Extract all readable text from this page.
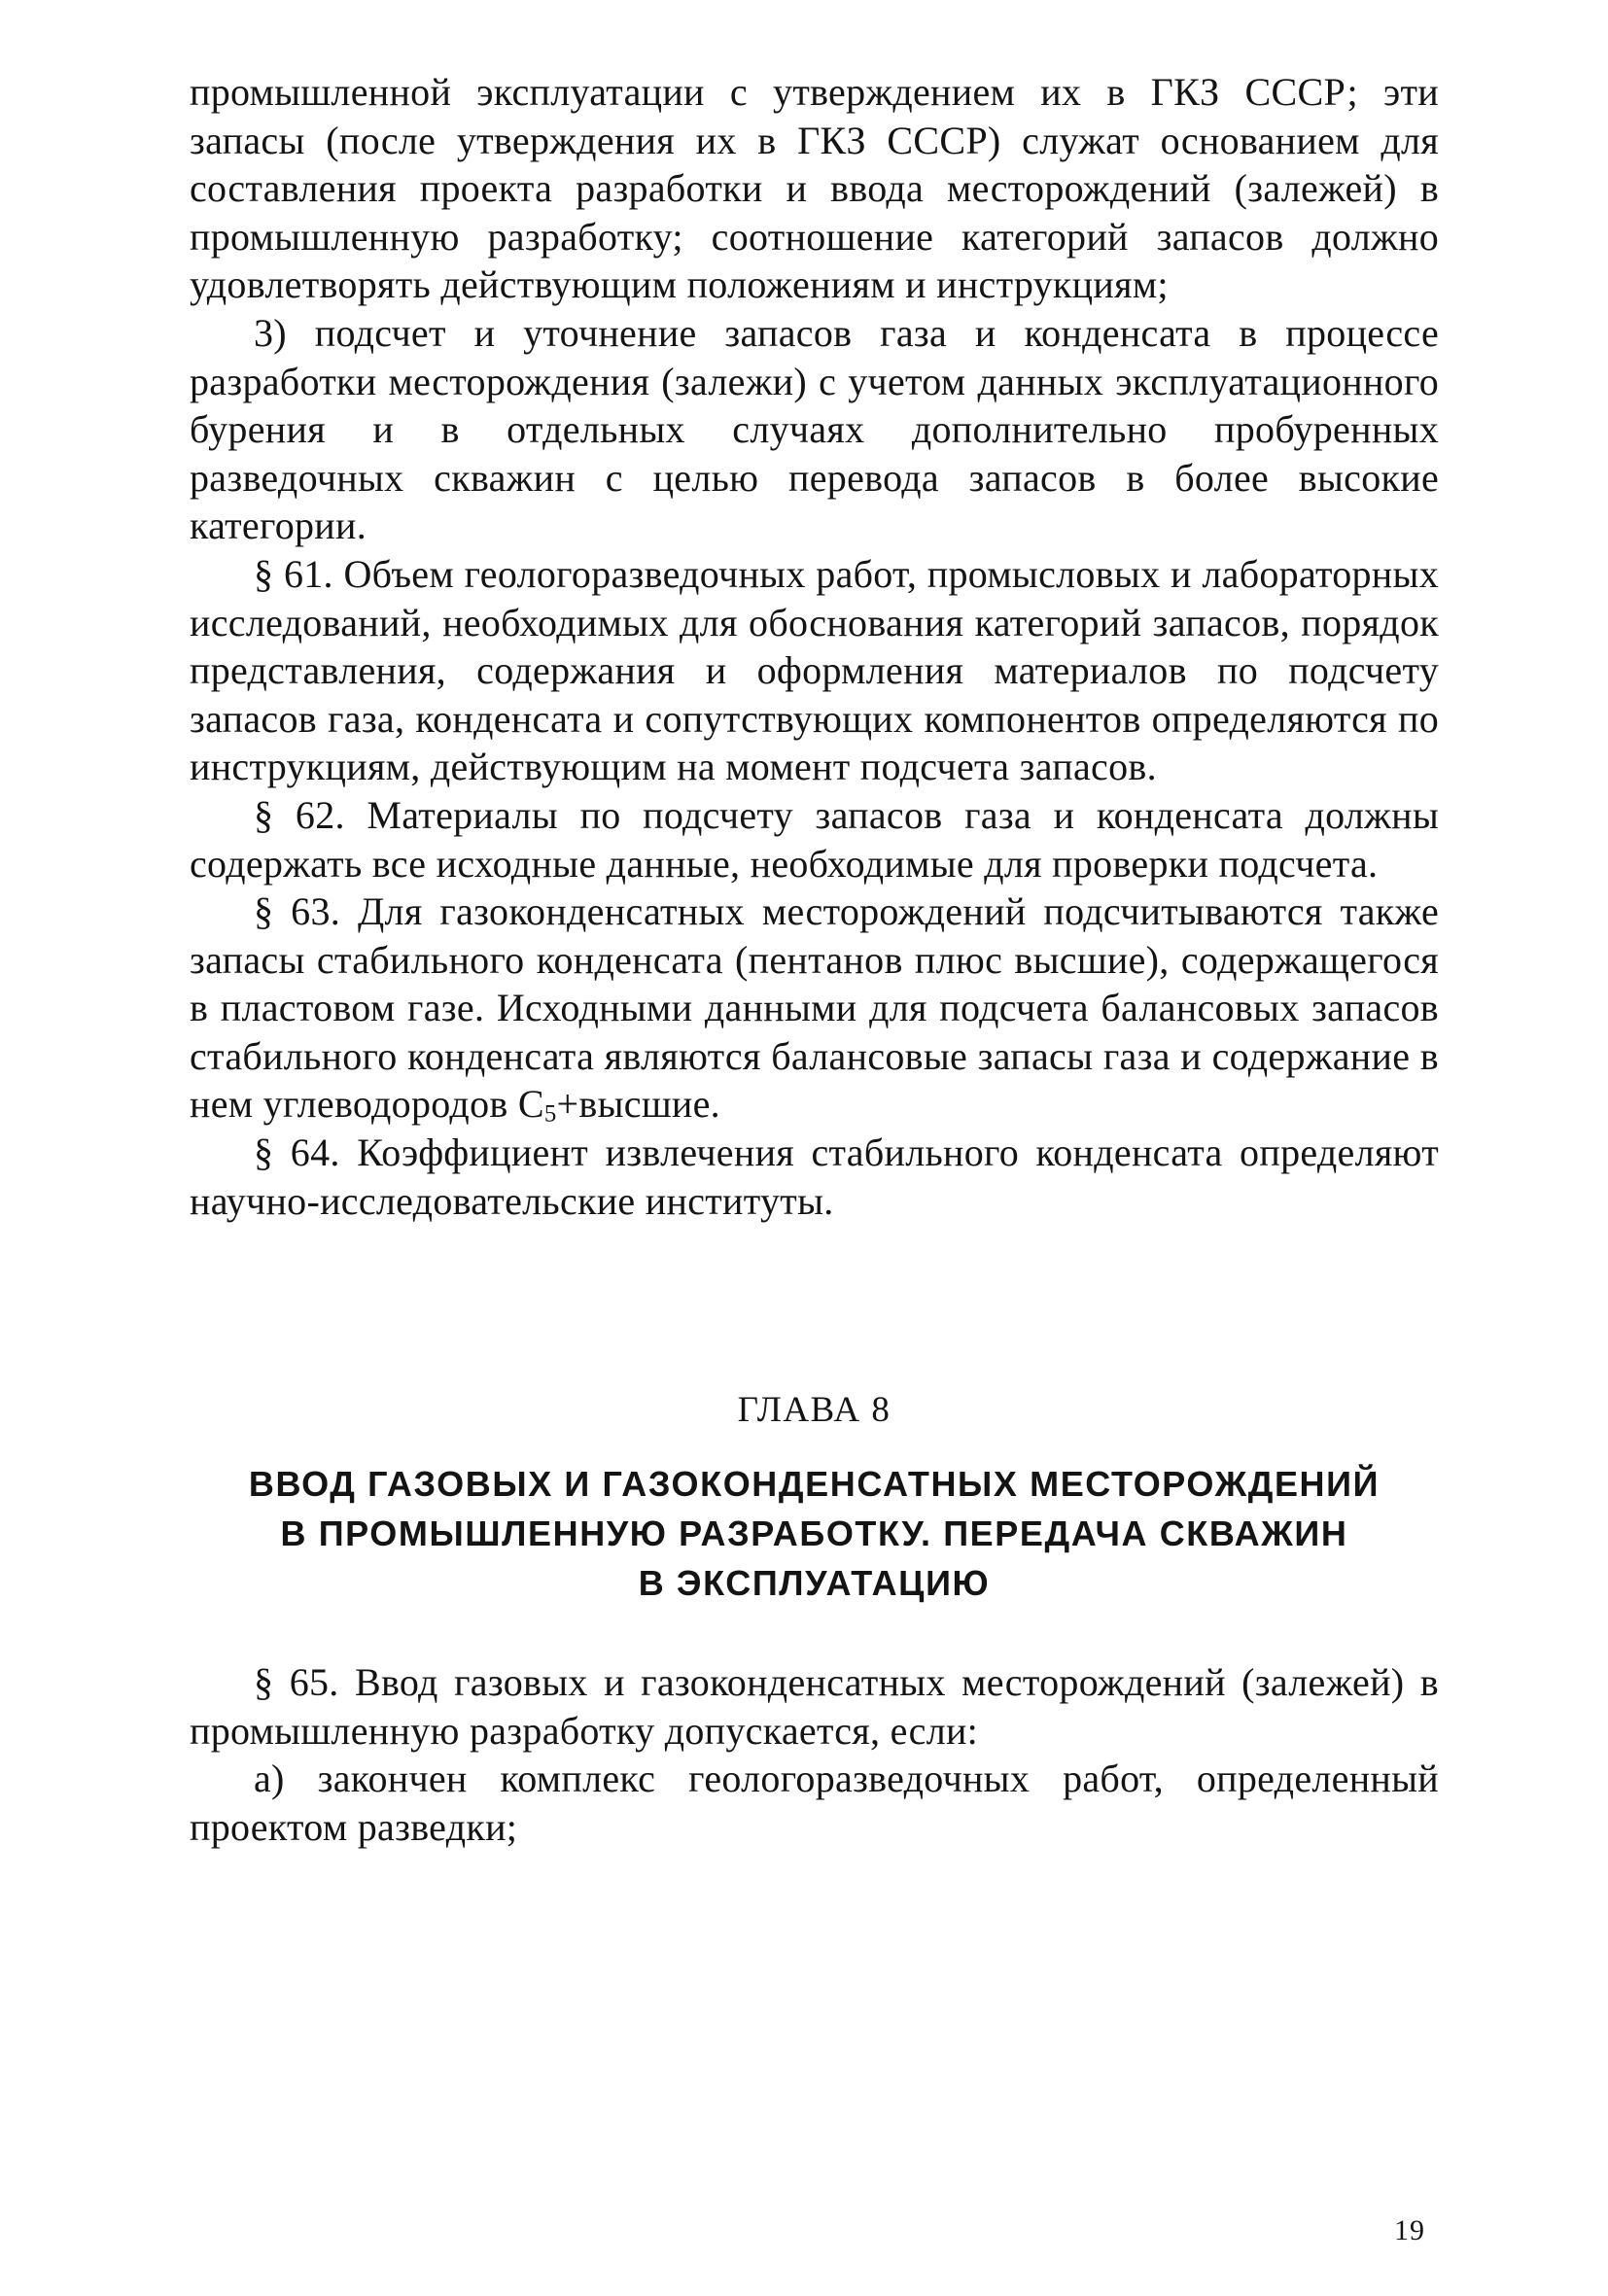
промышленной эксплуатации с утверждением их в ГКЗ СССР; эти запасы (после утверждения их в ГКЗ СССР) служат основанием для составления проекта разработки и ввода месторождений (залежей) в промышленную разработку; соотношение категорий запасов должно удовлетворять действующим положениям и инструкциям;

3) подсчет и уточнение запасов газа и конденсата в процессе разработки месторождения (залежи) с учетом данных эксплуатационного бурения и в отдельных случаях дополнительно пробуренных разведочных скважин с целью перевода запасов в более высокие категории.

§ 61. Объем геологоразведочных работ, промысловых и лабораторных исследований, необходимых для обоснования категорий запасов, порядок представления, содержания и оформления материалов по подсчету запасов газа, конденсата и сопутствующих компонентов определяются по инструкциям, действующим на момент подсчета запасов.

§ 62. Материалы по подсчету запасов газа и конденсата должны содержать все исходные данные, необходимые для проверки подсчета.

§ 63. Для газоконденсатных месторождений подсчитываются также запасы стабильного конденсата (пентанов плюс высшие), содержащегося в пластовом газе. Исходными данными для подсчета балансовых запасов стабильного конденсата являются балансовые запасы газа и содержание в нем углеводородов $C_5+высшие$.

§ 64. Коэффициент извлечения стабильного конденсата определяют научно-исследовательские институты.

ГЛАВА 8
ВВОД ГАЗОВЫХ И ГАЗОКОНДЕНСАТНЫХ МЕСТОРОЖДЕНИЙ
В ПРОМЫШЛЕННУЮ РАЗРАБОТКУ. ПЕРЕДАЧА СКВАЖИН
В ЭКСПЛУАТАЦИЮ

§ 65. Ввод газовых и газоконденсатных месторождений (залежей) в промышленную разработку допускается, если:

а) закончен комплекс геологоразведочных работ, определенный проектом разведки;

19
